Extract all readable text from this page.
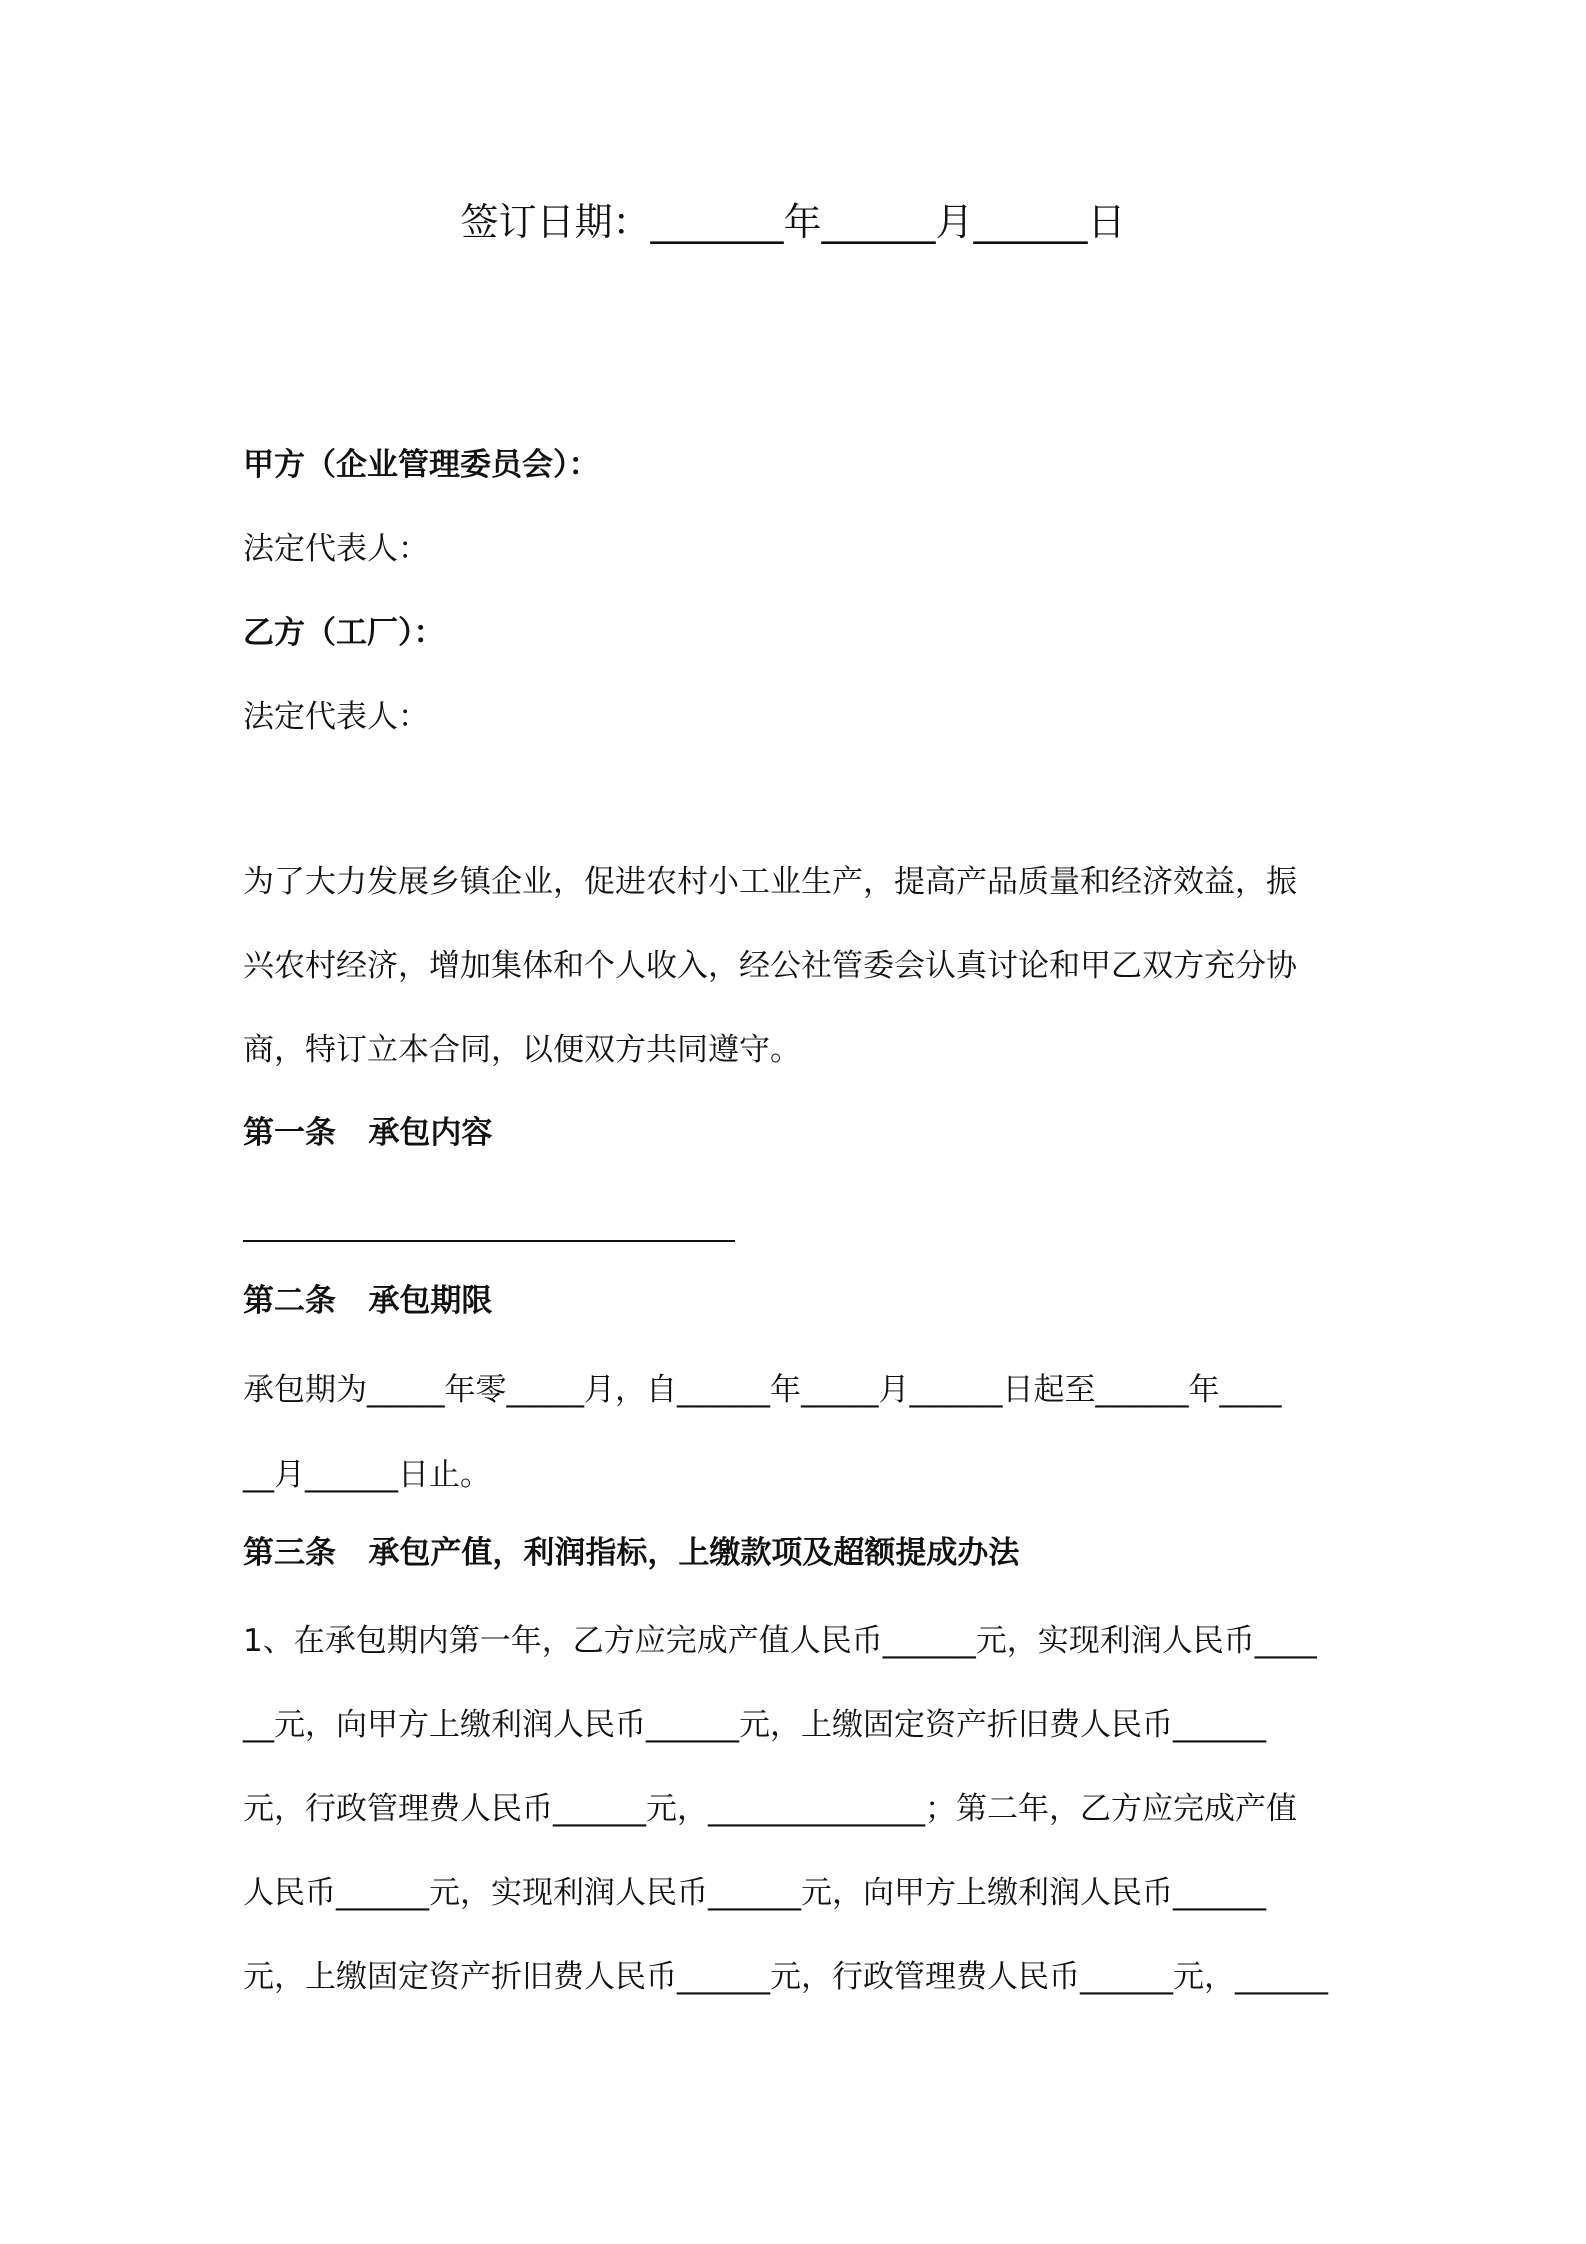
签订日期：_______年______月______日
甲方（企业管理委员会）：
法定代表人：
乙方（工厂）：
法定代表人：
为了大力发展乡镇企业，促进农村小工业生产，提高产品质量和经济效益，振
兴农村经济，增加集体和个人收入，经公社管委会认真讨论和甲乙双方充分协
商，特订立本合同，以便双方共同遵守。
第一条   承包内容
第二条   承包期限
承包期为_____年零_____月，自______年_____月______日起至______年____
__月______日止。
第三条   承包产值，利润指标，上缴款项及超额提成办法
1、在承包期内第一年，乙方应完成产值人民币______元，实现利润人民币____
__元，向甲方上缴利润人民币______元，上缴固定资产折旧费人民币______
元，行政管理费人民币______元，______________；第二年，乙方应完成产值
人民币______元，实现利润人民币______元，向甲方上缴利润人民币______
元，上缴固定资产折旧费人民币______元，行政管理费人民币______元，______
